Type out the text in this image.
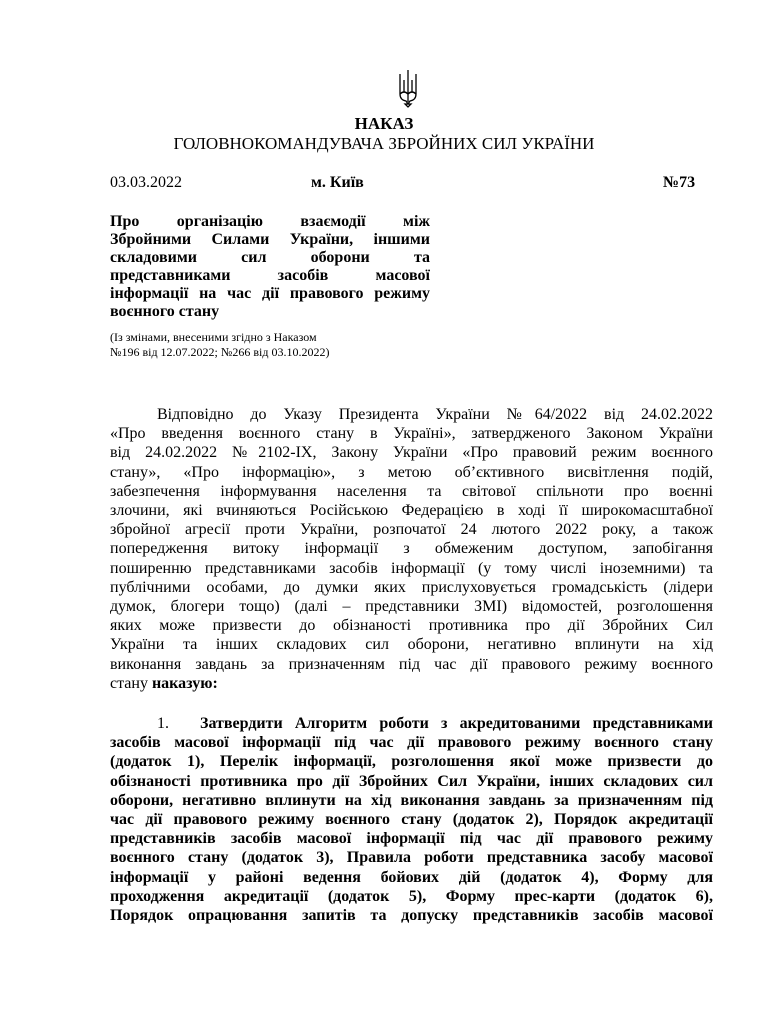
НАКАЗ
ГОЛОВНОКОМАНДУВАЧА ЗБРОЙНИХ СИЛ УКРАЇНИ
03.03.2022	м. Київ	№73
Про організацію взаємодії між
Збройними Силами України, іншими
складовими сил оборони та
представниками засобів масової
інформації на час дії правового режиму
воєнного стану
(Із змінами, внесеними згідно з Наказом
№196 від 12.07.2022; №266 від 03.10.2022)
Відповідно до Указу Президента України №64/2022 від 24.02.2022
«Про введення воєнного стану в Україні», затвердженого Законом України
від 24.02.2022 №2102-IX, Закону України «Про правовий режим воєнного
стану», «Про інформацію», з метою об’єктивного висвітлення подій,
забезпечення інформування населення та світової спільноти про воєнні
злочини, які вчиняються Російською Федерацією в ході її широкомасштабної
збройної агресії проти України, розпочатої 24 лютого 2022 року, а також
попередження витоку інформації з обмеженим доступом, запобігання
поширенню представниками засобів інформації (у тому числі іноземними) та
публічними особами, до думки яких прислуховується громадськість (лідери
думок, блогери тощо) (далі – представники ЗМІ) відомостей, розголошення
яких може призвести до обізнаності противника про дії Збройних Сил
України та інших складових сил оборони, негативно вплинути на хід
виконання завдань за призначенням під час дії правового режиму воєнного
стану наказую:
1. Затвердити Алгоритм роботи з акредитованими представниками
засобів масової інформації під час дії правового режиму воєнного стану
(додаток 1), Перелік інформації, розголошення якої може призвести до
обізнаності противника про дії Збройних Сил України, інших складових сил
оборони, негативно вплинути на хід виконання завдань за призначенням під
час дії правового режиму воєнного стану (додаток 2), Порядок акредитації
представників засобів масової інформації під час дії правового режиму
воєнного стану (додаток 3), Правила роботи представника засобу масової
інформації у районі ведення бойових дій (додаток 4), Форму для
проходження акредитації (додаток 5), Форму прес-карти (додаток 6),
Порядок опрацювання запитів та допуску представників засобів масової
